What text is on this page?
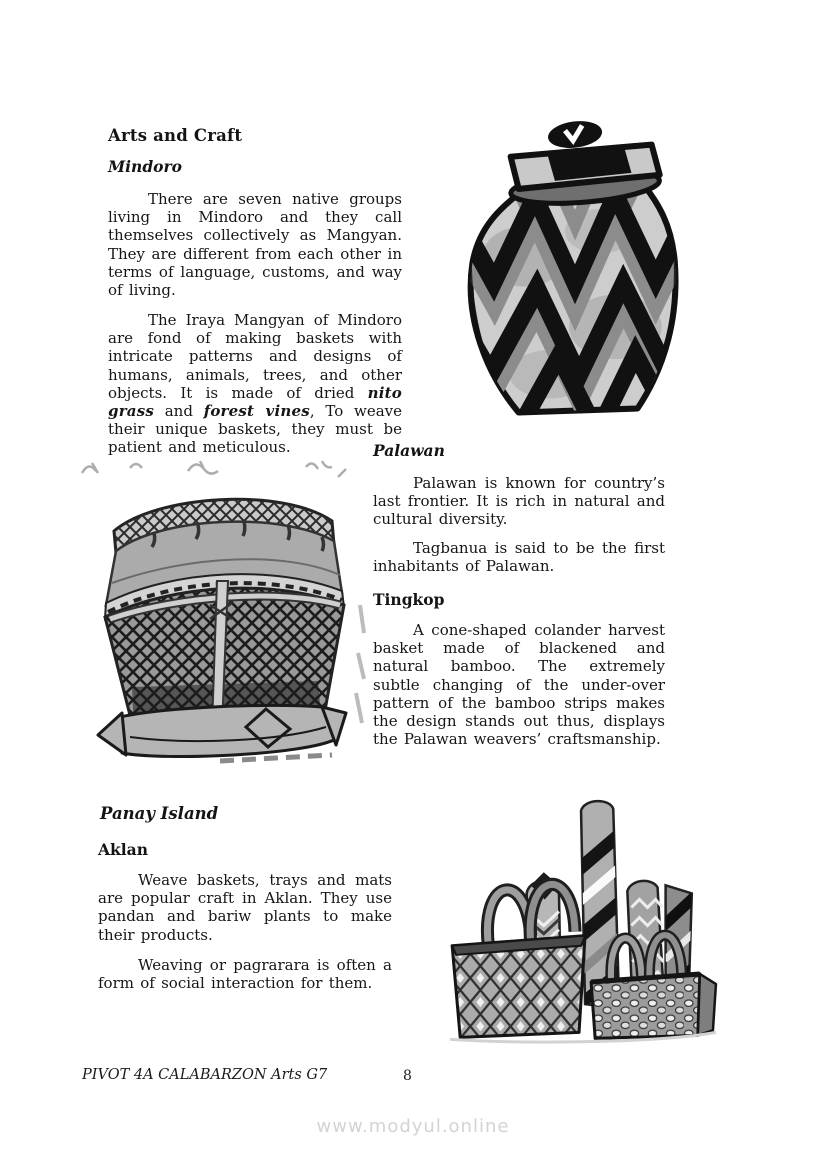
Arts and Craft
Mindoro

There are seven native groups living in Mindoro and they call themselves collectively as Mangyan. They are different from each other in terms of language, customs, and way of living.

The Iraya Mangyan of Mindoro are fond of making baskets with intricate patterns and designs of humans, animals, trees, and other objects. It is made of dried nito grass and forest vines, To weave their unique baskets, they must be patient and meticulous.	Palawan

Palawan is known for country’s last frontier. It is rich in natural and cultural diversity.

Tagbanua is said to be the first inhabitants of Palawan.

Tingkop

A cone-shaped colander harvest basket made of blackened and natural bamboo. The extremely subtle changing of the under-over pattern of the bamboo strips makes the design stands out thus, displays the Palawan weavers’ craftsmanship.

Panay Island
Aklan

Weave baskets, trays and mats are popular craft in Aklan. They use pandan and bariw plants to make their products.

Weaving or pagrarara is often a form of social interaction for them.

PIVOT 4A CALABARZON Arts G7	8
www.modyul.online
